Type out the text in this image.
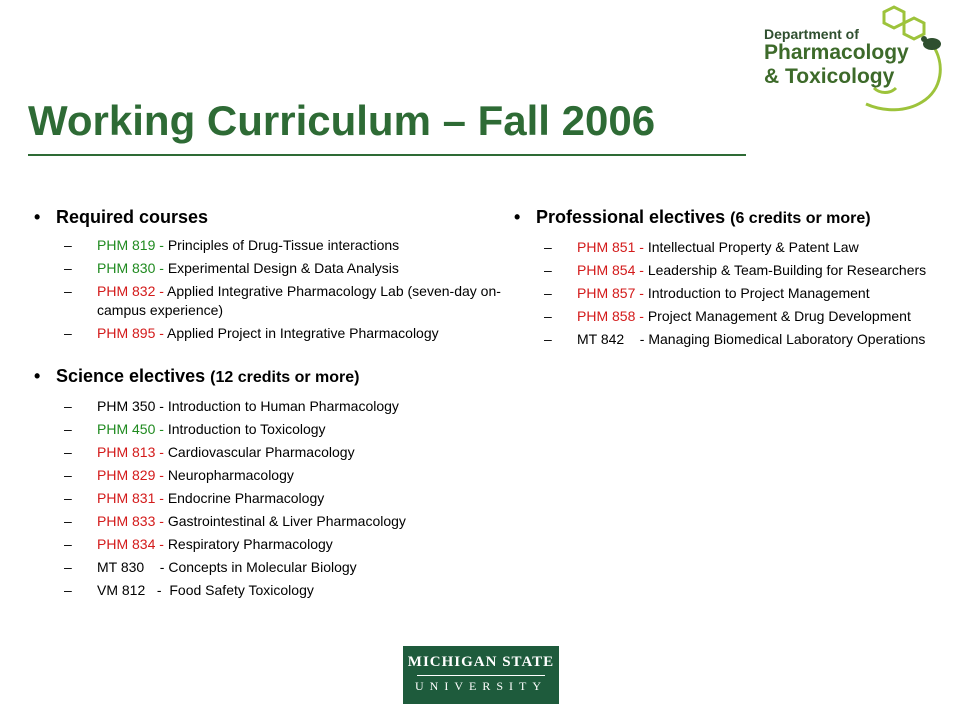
Department of
Pharmacology
& Toxicology
Working Curriculum – Fall 2006
• Required courses
– PHM 819 - Principles of Drug-Tissue interactions
– PHM 830 - Experimental Design & Data Analysis
– PHM 832 - Applied Integrative Pharmacology Lab (seven-day on-campus experience)
– PHM 895 - Applied Project in Integrative Pharmacology
• Science electives (12 credits or more)
– PHM 350 - Introduction to Human Pharmacology
– PHM 450 - Introduction to Toxicology
– PHM 813 - Cardiovascular Pharmacology
– PHM 829 - Neuropharmacology
– PHM 831 - Endocrine Pharmacology
– PHM 833 - Gastrointestinal & Liver Pharmacology
– PHM 834 - Respiratory Pharmacology
– MT 830    - Concepts in Molecular Biology
– VM 812   -  Food Safety Toxicology
• Professional electives (6 credits or more)
– PHM 851 - Intellectual Property & Patent Law
– PHM 854 - Leadership & Team-Building for Researchers
– PHM 857 - Introduction to Project Management
– PHM 858 - Project Management & Drug Development
– MT 842    - Managing Biomedical Laboratory Operations
MICHIGAN STATE
UNIVERSITY
